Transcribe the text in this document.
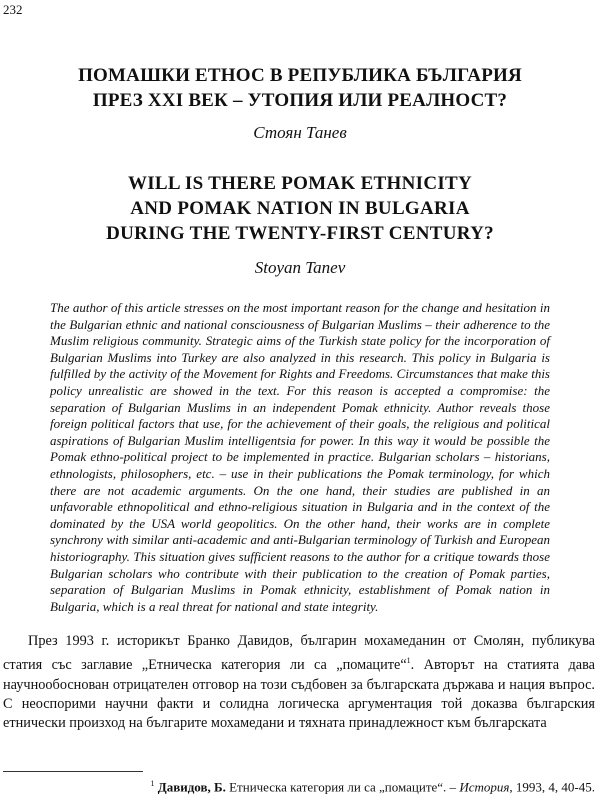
232
ПОМАШКИ ЕТНОС В РЕПУБЛИКА БЪЛГАРИЯ
ПРЕЗ XXI ВЕК – УТОПИЯ ИЛИ РЕАЛНОСТ?
Стоян Танев
WILL IS THERE POMAK ETHNICITY
AND POMAK NATION IN BULGARIA
DURING THE TWENTY-FIRST CENTURY?
Stoyan Tanev

The author of this article stresses on the most important reason for the change and hesitation in the Bulgarian ethnic and national consciousness of Bulgarian Muslims – their adherence to the Muslim religious community. Strategic aims of the Turkish state policy for the incorporation of Bulgarian Muslims into Turkey are also analyzed in this research. This policy in Bulgaria is fulfilled by the activity of the Movement for Rights and Freedoms. Circumstances that make this policy unrealistic are showed in the text. For this reason is accepted a compromise: the separation of Bulgarian Muslims in an independent Pomak ethnicity. Author reveals those foreign political factors that use, for the achievement of their goals, the religious and political aspirations of Bulgarian Muslim intelligentsia for power. In this way it would be possible the Pomak ethno-political project to be implemented in practice. Bulgarian scholars – historians, ethnologists, philosophers, etc. – use in their publications the Pomak terminology, for which there are not academic arguments. On the one hand, their studies are published in an unfavorable ethnopolitical and ethno-religious situation in Bulgaria and in the context of the dominated by the USA world geopolitics. On the other hand, their works are in complete synchrony with similar anti-academic and anti-Bulgarian terminology of Turkish and European historiography. This situation gives sufficient reasons to the author for a critique towards those Bulgarian scholars who contribute with their publication to the creation of Pomak parties, separation of Bulgarian Muslims in Pomak ethnicity, establishment of Pomak nation in Bulgaria, which is a real threat for national and state integrity.

През 1993 г. историкът Бранко Давидов, българин мохамеданин от Смолян, публикува статия със заглавие „Етническа категория ли са „помаците“$^1$. Авторът на статията дава научнообоснован отрицателен отговор на този съдбовен за българската държава и нация въпрос. С неоспорими научни факти и солидна логическа аргументация той доказва българския етнически произход на българите мохамедани и тяхната принадлежност към българската

$^1$ Давидов, Б. Етническа категория ли са „помаците“. – История, 1993, 4, 40-45.
